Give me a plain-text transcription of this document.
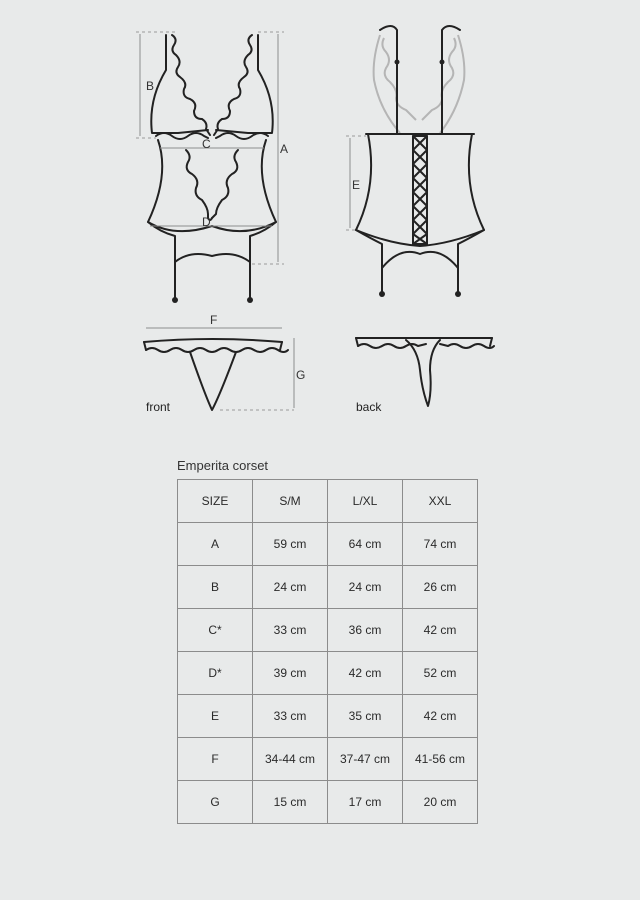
B
A
C
D
E
F
G
front	back
Emperita corset
SIZE	S/M	L/XL	XXL
A	59 cm	64 cm	74 cm
B	24 cm	24 cm	26 cm
C*	33 cm	36 cm	42 cm
D*	39 cm	42 cm	52 cm
E	33 cm	35 cm	42 cm
F	34-44 cm	37-47 cm	41-56 cm
G	15 cm	17 cm	20 cm
